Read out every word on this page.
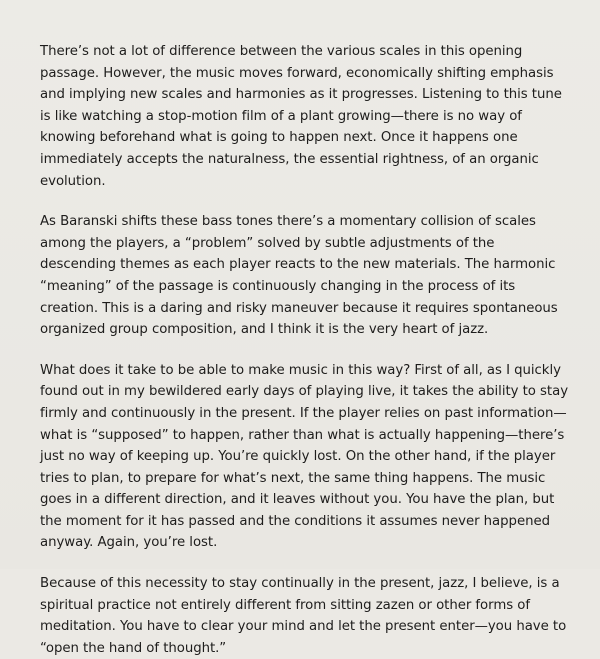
There’s not a lot of difference between the various scales in this opening passage. However, the music moves forward, economically shifting emphasis and implying new scales and harmonies as it progresses. Listening to this tune is like watching a stop-motion film of a plant growing—there is no way of knowing beforehand what is going to happen next. Once it happens one immediately accepts the naturalness, the essential rightness, of an organic evolution.

As Baranski shifts these bass tones there’s a momentary collision of scales among the players, a “problem” solved by subtle adjustments of the descending themes as each player reacts to the new materials. The harmonic “meaning” of the passage is continuously changing in the process of its creation. This is a daring and risky maneuver because it requires spontaneous organized group composition, and I think it is the very heart of jazz.

What does it take to be able to make music in this way? First of all, as I quickly found out in my bewildered early days of playing live, it takes the ability to stay firmly and continuously in the present. If the player relies on past information—what is “supposed” to happen, rather than what is actually happening—there’s just no way of keeping up. You’re quickly lost. On the other hand, if the player tries to plan, to prepare for what’s next, the same thing happens. The music goes in a different direction, and it leaves without you. You have the plan, but the moment for it has passed and the conditions it assumes never happened anyway. Again, you’re lost.

Because of this necessity to stay continually in the present, jazz, I believe, is a spiritual practice not entirely different from sitting zazen or other forms of meditation. You have to clear your mind and let the present enter—you have to “open the hand of thought.”
